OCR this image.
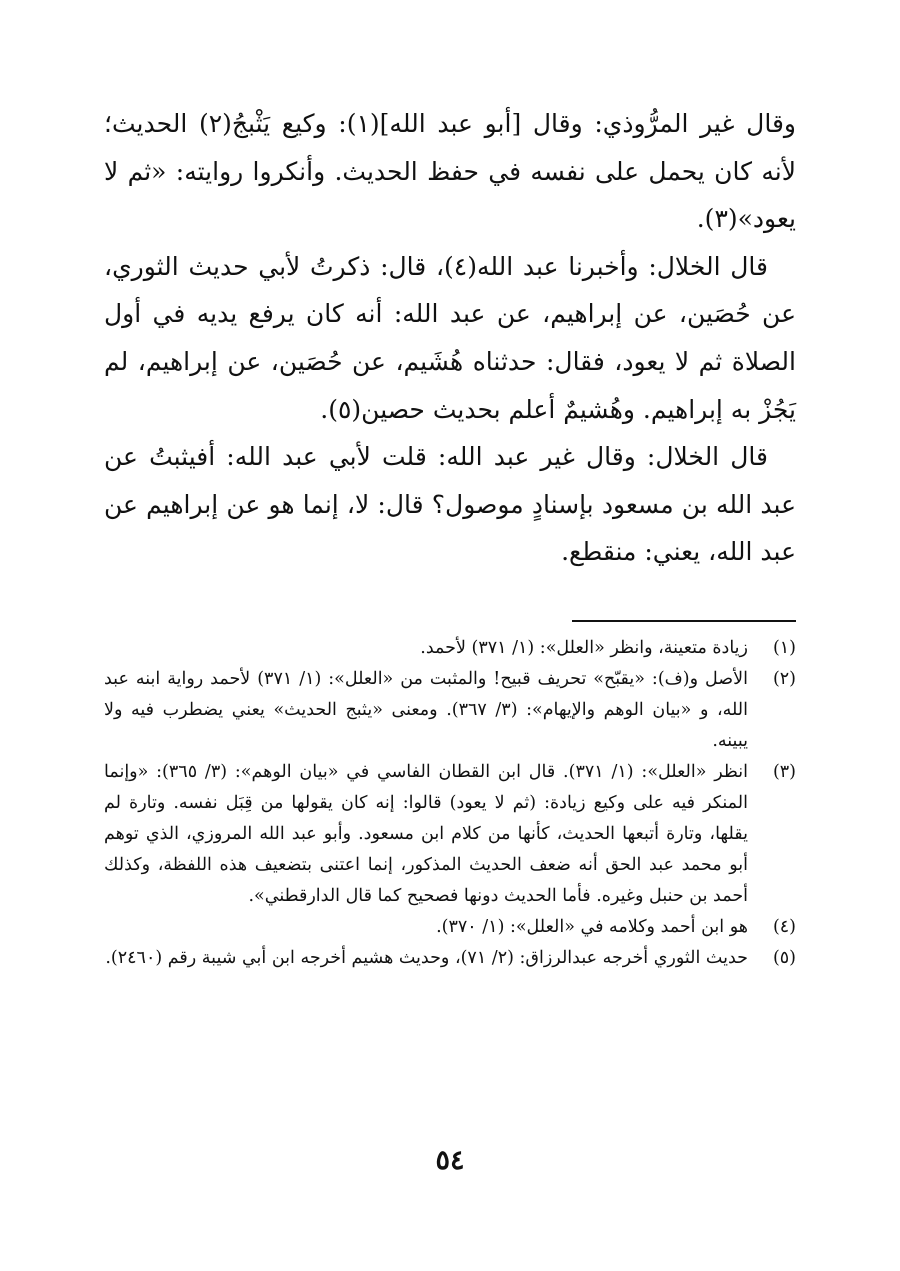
وقال غير المرُّوذي: وقال [أبو عبد الله](١): وكيع يَثْبجُ(٢) الحديث؛ لأنه كان يحمل على نفسه في حفظ الحديث. وأنكروا روايته: «ثم لا يعود»(٣).

قال الخلال: وأخبرنا عبد الله(٤)، قال: ذكرتُ لأبي حديث الثوري، عن حُصَين، عن إبراهيم، عن عبد الله: أنه كان يرفع يديه في أول الصلاة ثم لا يعود، فقال: حدثناه هُشَيم، عن حُصَين، عن إبراهيم، لم يَجُزْ به إبراهيم. وهُشيمٌ أعلم بحديث حصين(٥).

قال الخلال: وقال غير عبد الله: قلت لأبي عبد الله: أفيثبتُ عن عبد الله بن مسعود بإسنادٍ موصول؟ قال: لا، إنما هو عن إبراهيم عن عبد الله، يعني: منقطع.

(١)
زيادة متعينة، وانظر «العلل»: (١/ ٣٧١) لأحمد.

(٢)
الأصل و(ف): «يقبّح» تحريف قبيح! والمثبت من «العلل»: (١/ ٣٧١) لأحمد رواية ابنه عبد الله، و «بيان الوهم والإيهام»: (٣/ ٣٦٧). ومعنى «يثبج الحديث» يعني يضطرب فيه ولا يبينه.

(٣)
انظر «العلل»: (١/ ٣٧١). قال ابن القطان الفاسي في «بيان الوهم»: (٣/ ٣٦٥): «وإنما المنكر فيه على وكيع زيادة: (ثم لا يعود) قالوا: إنه كان يقولها من قِبَل نفسه. وتارة لم يقلها، وتارة أتبعها الحديث، كأنها من كلام ابن مسعود. وأبو عبد الله المروزي، الذي توهم أبو محمد عبد الحق أنه ضعف الحديث المذكور، إنما اعتنى بتضعيف هذه اللفظة، وكذلك أحمد بن حنبل وغيره. فأما الحديث دونها فصحيح كما قال الدارقطني».

(٤)
هو ابن أحمد وكلامه في «العلل»: (١/ ٣٧٠).

(٥)
حديث الثوري أخرجه عبدالرزاق: (٢/ ٧١)، وحديث هشيم أخرجه ابن أبي شيبة رقم (٢٤٦٠).

٥٤
